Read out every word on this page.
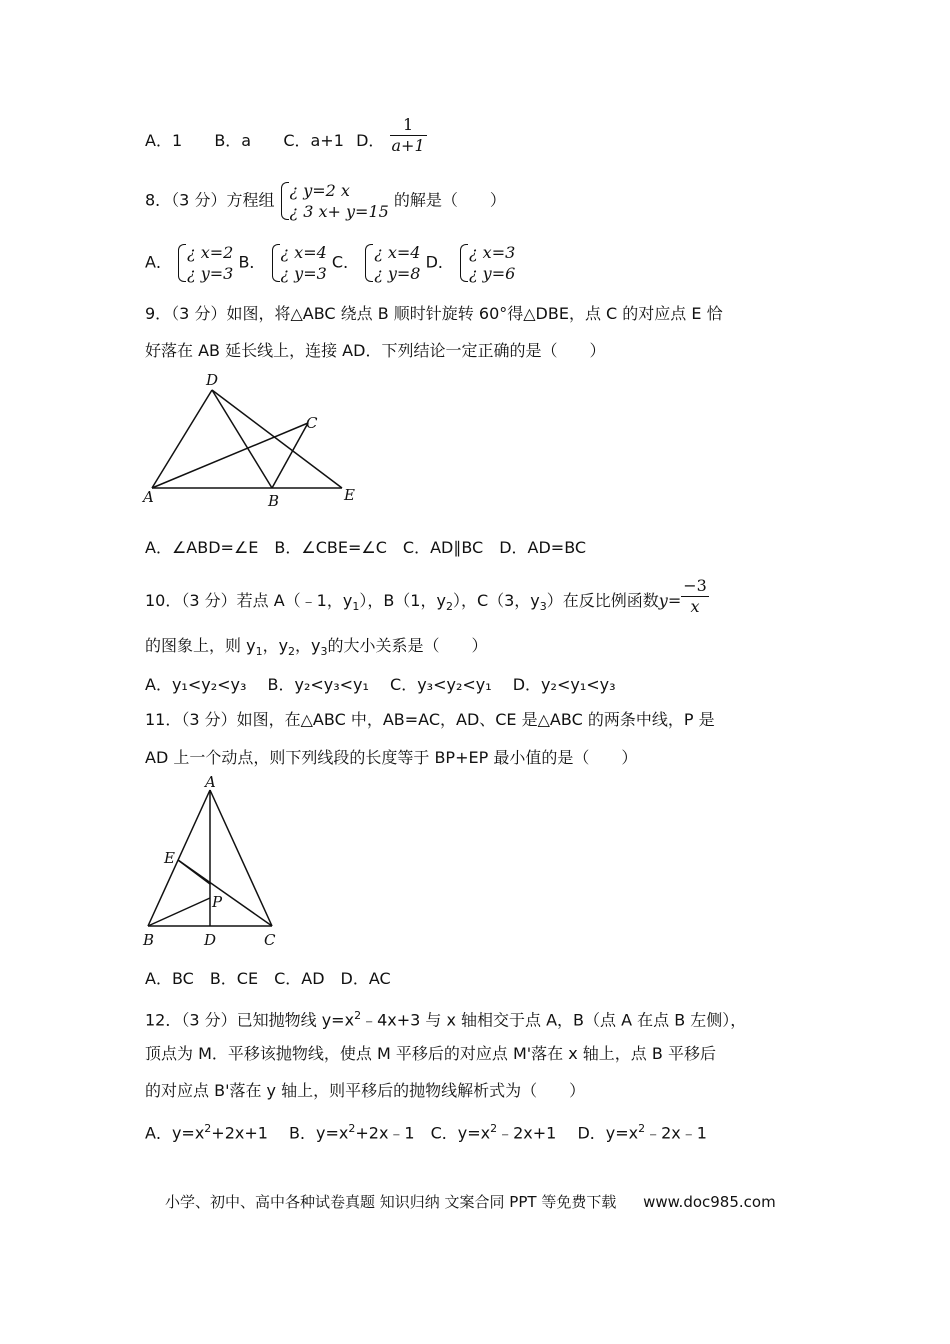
A．1 B．a C．a+1 D． $\frac{1}{a+1}$
8．（3 分）方程组 ¿ y=2 x
¿ 3 x+ y=15
的解是（　　）
A． ¿ x=2
¿ y=3
B． ¿ x=4
¿ y=3
C． ¿ x=4
¿ y=8
D． ¿ x=3
¿ y=6
9．（3 分）如图，将△ABC 绕点 B 顺时针旋转 60°得△DBE，点 C 的对应点 E 恰
好落在 AB 延长线上，连接 AD．下列结论一定正确的是（　　）
D
C
A	B	E
A．∠ABD=∠E　B．∠CBE=∠C　C．AD∥BC　D．AD=BC
10．（3 分）若点 A（﹣1，$y_1$），B（1，$y_2$），C（3，$y_3$）在反比例函数$y= \frac{-3}{x}$
的图象上，则 $y_1$，$y_2$，$y_3$的大小关系是（　　）
A．y₁<y₂<y₃　 B．y₂<y₃<y₁　 C．y₃<y₂<y₁　 D．y₂<y₁<y₃
11．（3 分）如图，在△ABC 中，AB=AC，AD、CE 是△ABC 的两条中线，P 是
AD 上一个动点，则下列线段的长度等于 BP+EP 最小值的是（　　）
A
E
P
B	D	C
A．BC　B．CE　C．AD　D．AC
12．（3 分）已知抛物线 $y=x^2﹣4x+3$ 与 x 轴相交于点 A，B（点 A 在点 B 左侧），
顶点为 M．平移该抛物线，使点 M 平移后的对应点 M'落在 x 轴上，点 B 平移后
的对应点 B'落在 y 轴上，则平移后的抛物线解析式为（　　）
A．$y=x^2+2x+1$　 B．$y=x^2+2x﹣1$　C．$y=x^2﹣2x+1$　 D．$y=x^2﹣2x﹣1$
小学、初中、高中各种试卷真题 知识归纳 文案合同 PPT 等免费下载 www.doc985.com
